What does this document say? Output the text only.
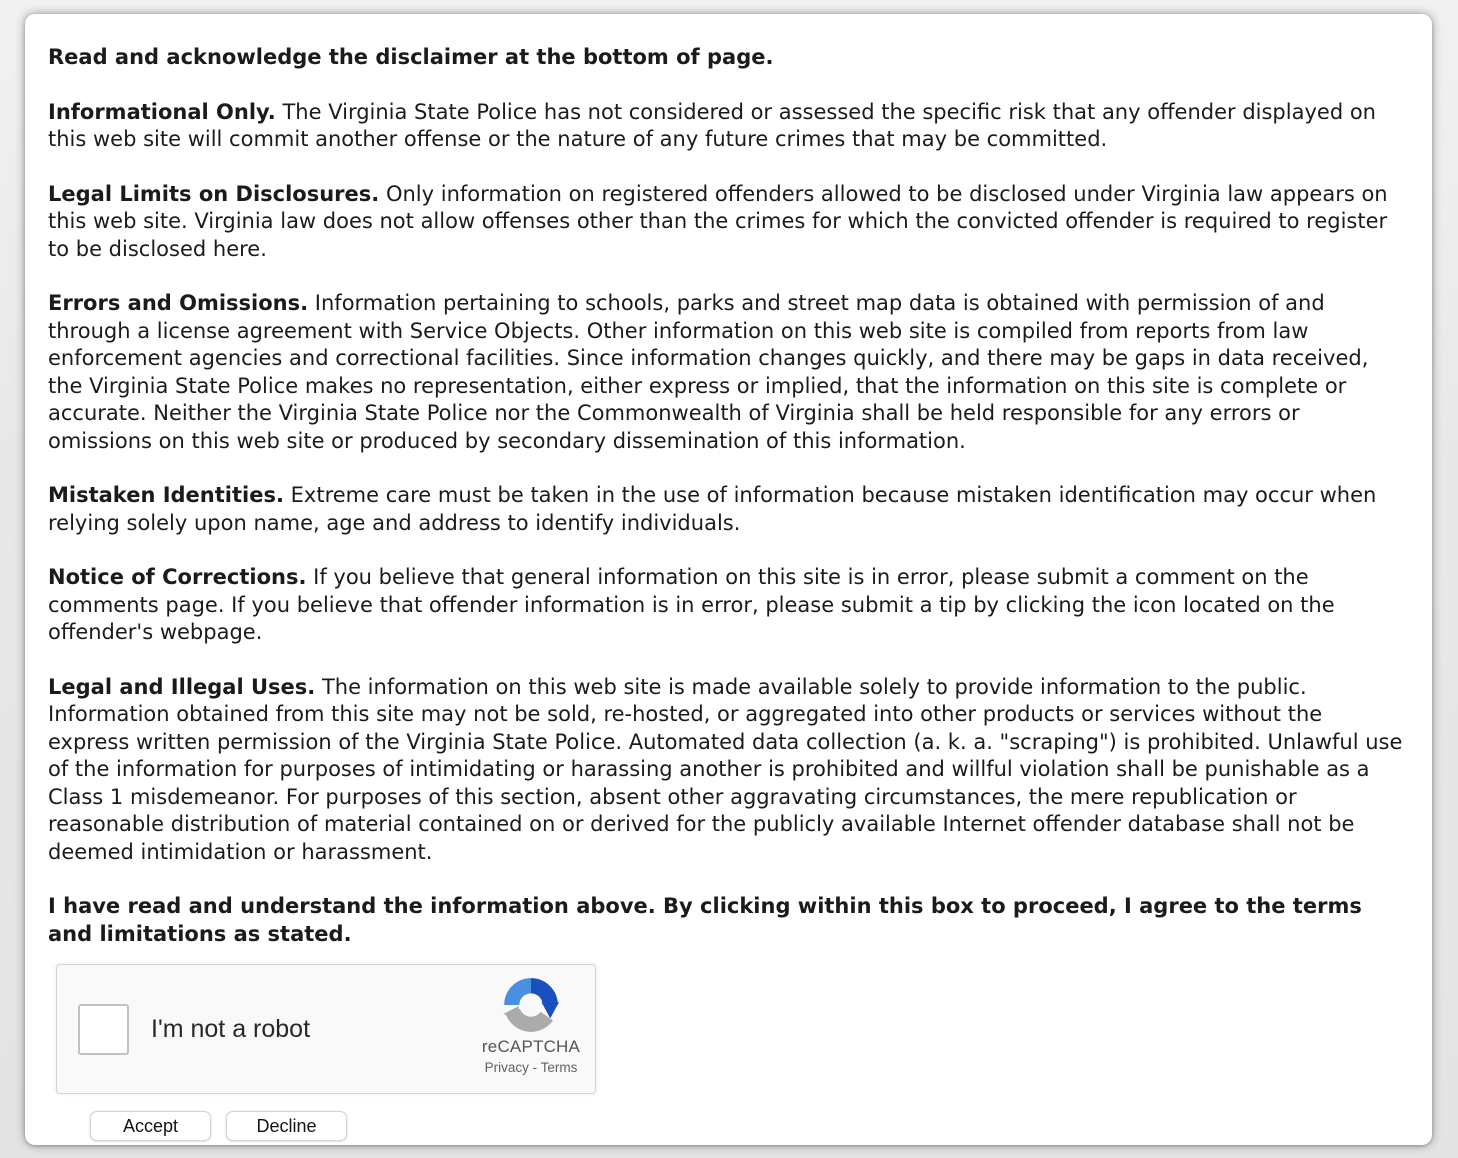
Read and acknowledge the disclaimer at the bottom of page.

Informational Only. The Virginia State Police has not considered or assessed the specific risk that any offender displayed on this web site will commit another offense or the nature of any future crimes that may be committed.

Legal Limits on Disclosures. Only information on registered offenders allowed to be disclosed under Virginia law appears on this web site. Virginia law does not allow offenses other than the crimes for which the convicted offender is required to register to be disclosed here.

Errors and Omissions. Information pertaining to schools, parks and street map data is obtained with permission of and through a license agreement with Service Objects. Other information on this web site is compiled from reports from law enforcement agencies and correctional facilities. Since information changes quickly, and there may be gaps in data received, the Virginia State Police makes no representation, either express or implied, that the information on this site is complete or accurate. Neither the Virginia State Police nor the Commonwealth of Virginia shall be held responsible for any errors or omissions on this web site or produced by secondary dissemination of this information.

Mistaken Identities. Extreme care must be taken in the use of information because mistaken identification may occur when relying solely upon name, age and address to identify individuals.

Notice of Corrections. If you believe that general information on this site is in error, please submit a comment on the comments page. If you believe that offender information is in error, please submit a tip by clicking the icon located on the offender's webpage.

Legal and Illegal Uses. The information on this web site is made available solely to provide information to the public. Information obtained from this site may not be sold, re-hosted, or aggregated into other products or services without the express written permission of the Virginia State Police. Automated data collection (a. k. a. "scraping") is prohibited. Unlawful use of the information for purposes of intimidating or harassing another is prohibited and willful violation shall be punishable as a Class 1 misdemeanor. For purposes of this section, absent other aggravating circumstances, the mere republication or reasonable distribution of material contained on or derived for the publicly available Internet offender database shall not be deemed intimidation or harassment.

I have read and understand the information above. By clicking within this box to proceed, I agree to the terms and limitations as stated.

I'm not a robot
reCAPTCHA
Privacy - Terms
Accept	Decline
